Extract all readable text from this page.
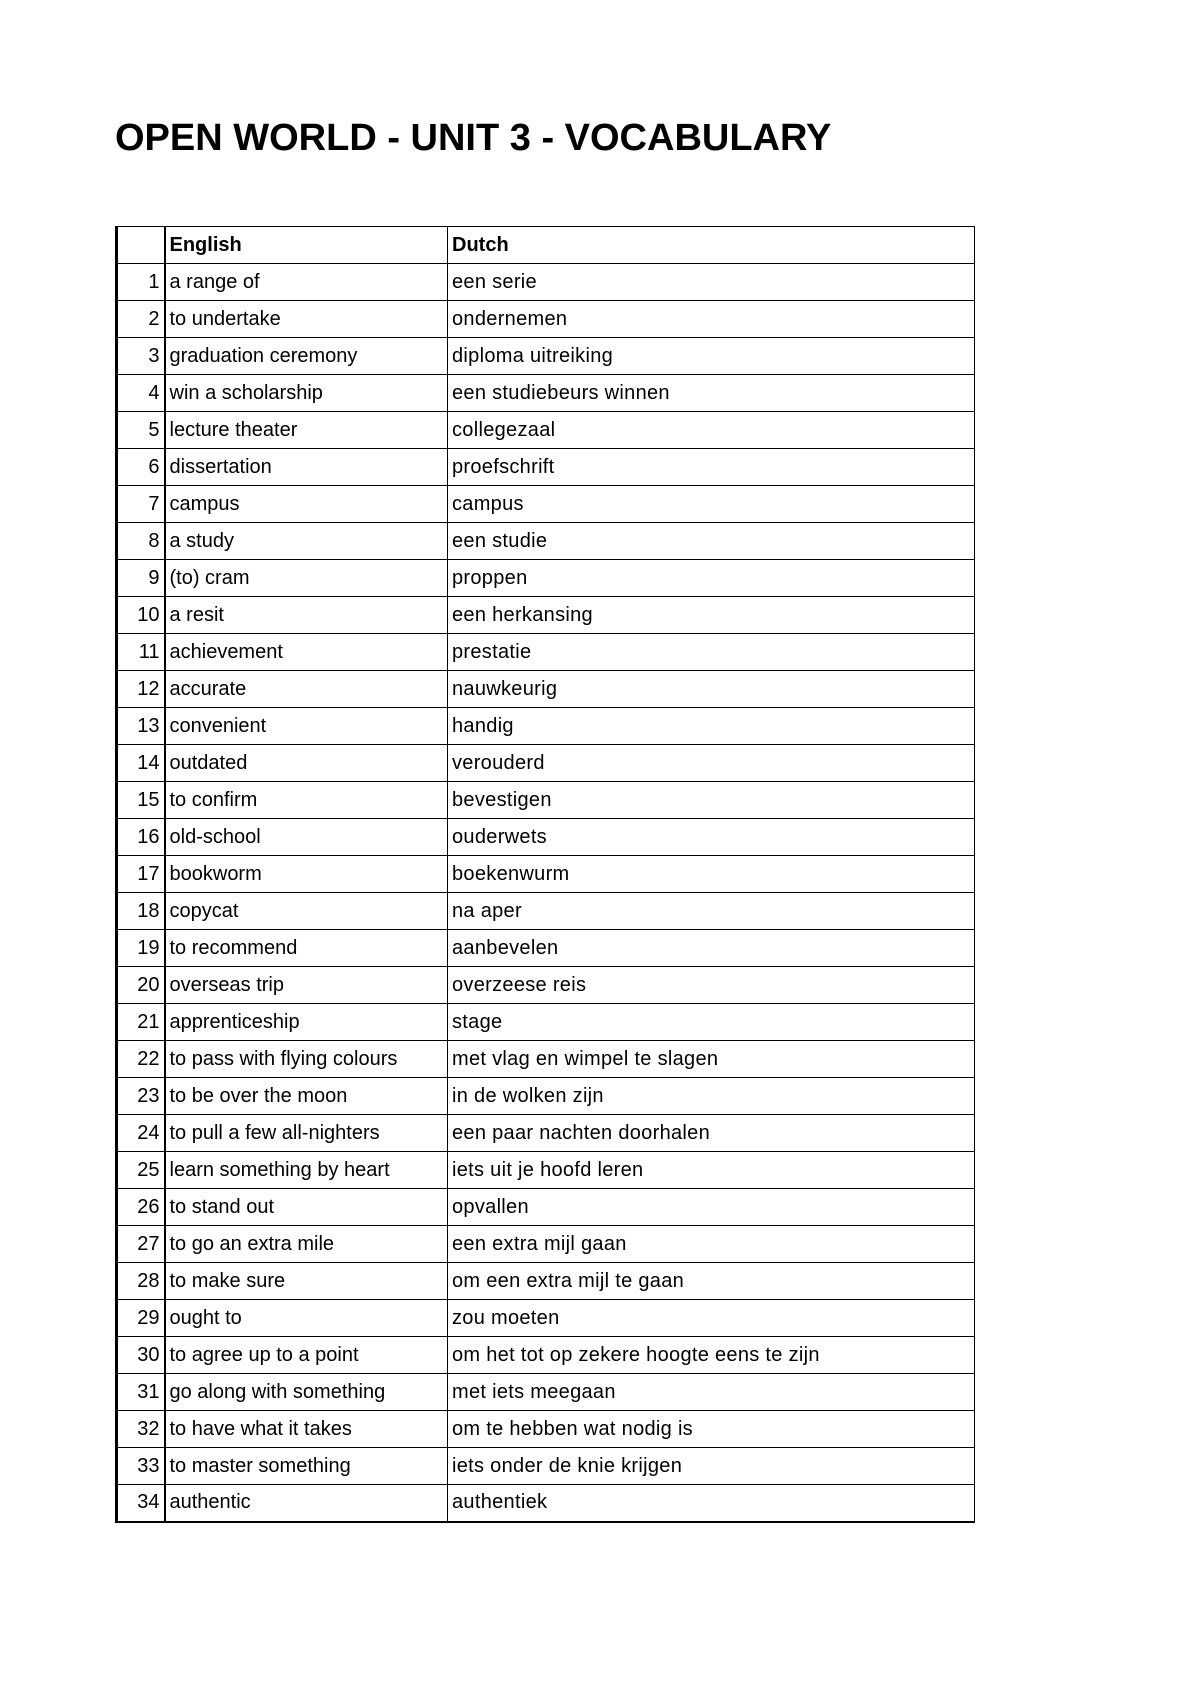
OPEN WORLD - UNIT 3 - VOCABULARY
	English	Dutch
1	a range of	een serie
2	to undertake	ondernemen
3	graduation ceremony	diploma uitreiking
4	win a scholarship	een studiebeurs winnen
5	lecture theater	collegezaal
6	dissertation	proefschrift
7	campus	campus
8	a study	een studie
9	(to) cram	proppen
10	a resit	een herkansing
11	achievement	prestatie
12	accurate	nauwkeurig
13	convenient	handig
14	outdated	verouderd
15	to confirm	bevestigen
16	old-school	ouderwets
17	bookworm	boekenwurm
18	copycat	na aper
19	to recommend	aanbevelen
20	overseas trip	overzeese reis
21	apprenticeship	stage
22	to pass with flying colours	met vlag en wimpel te slagen
23	to be over the moon	in de wolken zijn
24	to pull a few all-nighters	een paar nachten doorhalen
25	learn something by heart	iets uit je hoofd leren
26	to stand out	opvallen
27	to go an extra mile	een extra mijl gaan
28	to make sure	om een extra mijl te gaan
29	ought to	zou moeten
30	to agree up to a point	om het tot op zekere hoogte eens te zijn
31	go along with something	met iets meegaan
32	to have what it takes	om te hebben wat nodig is
33	to master something	iets onder de knie krijgen
34	authentic	authentiek
